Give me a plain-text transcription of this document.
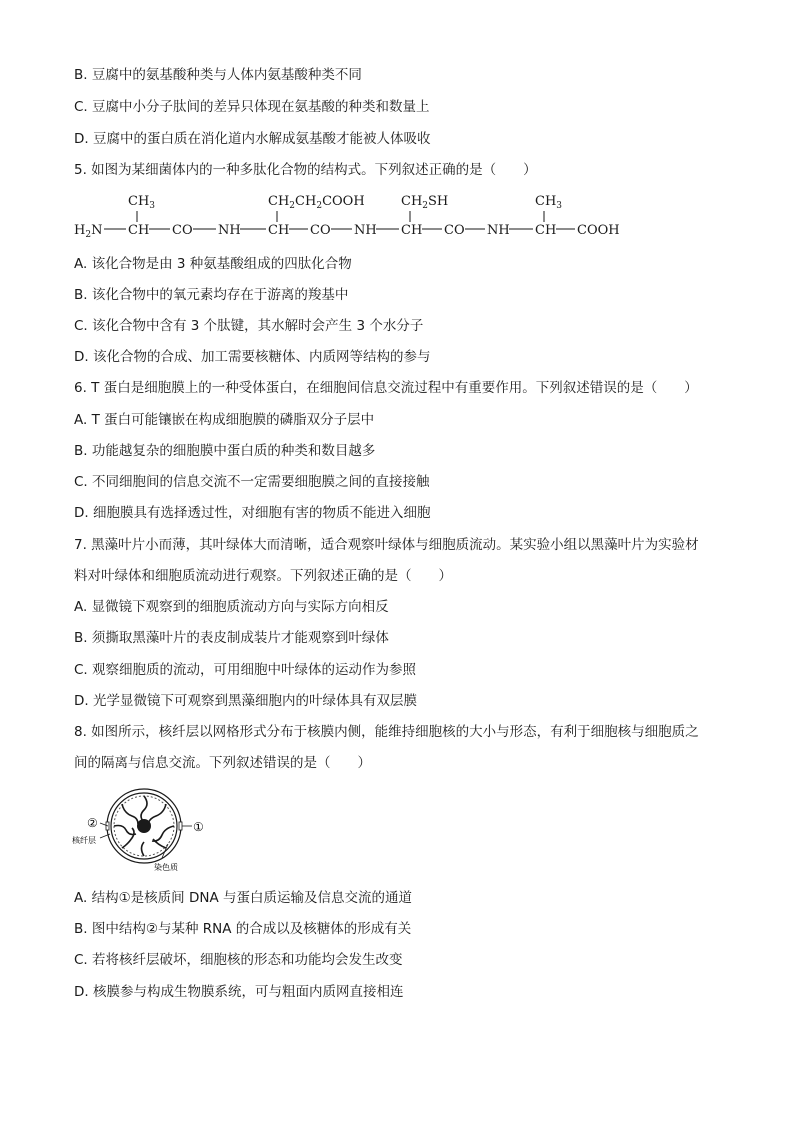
B. 豆腐中的氨基酸种类与人体内氨基酸种类不同
C. 豆腐中小分子肽间的差异只体现在氨基酸的种类和数量上
D. 豆腐中的蛋白质在消化道内水解成氨基酸才能被人体吸收
5. 如图为某细菌体内的一种多肽化合物的结构式。下列叙述正确的是（　　）
$CH_3$	$CH_2CH_2COOH$	$CH_2SH$	$CH_3$
$H_2N$ CH CO NH CH CO NH CH CO NH CH COOH
A. 该化合物是由 3 种氨基酸组成的四肽化合物
B. 该化合物中的氧元素均存在于游离的羧基中
C. 该化合物中含有 3 个肽键，其水解时会产生 3 个水分子
D. 该化合物的合成、加工需要核糖体、内质网等结构的参与
6. T 蛋白是细胞膜上的一种受体蛋白，在细胞间信息交流过程中有重要作用。下列叙述错误的是（　　）
A. T 蛋白可能镶嵌在构成细胞膜的磷脂双分子层中
B. 功能越复杂的细胞膜中蛋白质的种类和数目越多
C. 不同细胞间的信息交流不一定需要细胞膜之间的直接接触
D. 细胞膜具有选择透过性，对细胞有害的物质不能进入细胞
7. 黑藻叶片小而薄，其叶绿体大而清晰，适合观察叶绿体与细胞质流动。某实验小组以黑藻叶片为实验材
料对叶绿体和细胞质流动进行观察。下列叙述正确的是（　　）
A. 显微镜下观察到的细胞质流动方向与实际方向相反
B. 须撕取黑藻叶片的表皮制成装片才能观察到叶绿体
C. 观察细胞质的流动，可用细胞中叶绿体的运动作为参照
D. 光学显微镜下可观察到黑藻细胞内的叶绿体具有双层膜
8. 如图所示，核纤层以网格形式分布于核膜内侧，能维持细胞核的大小与形态，有利于细胞核与细胞质之
间的隔离与信息交流。下列叙述错误的是（　　）
①
②
核纤层
染色质
A. 结构①是核质间 DNA 与蛋白质运输及信息交流的通道
B. 图中结构②与某种 RNA 的合成以及核糖体的形成有关
C. 若将核纤层破坏，细胞核的形态和功能均会发生改变
D. 核膜参与构成生物膜系统，可与粗面内质网直接相连
